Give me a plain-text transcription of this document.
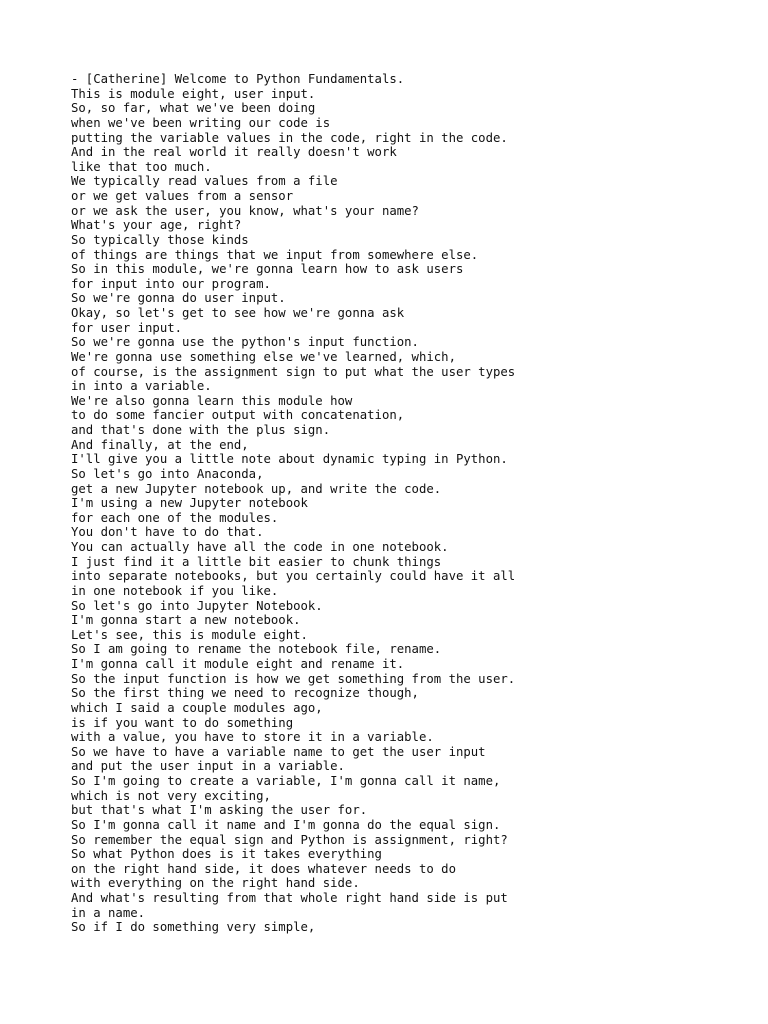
- [Catherine] Welcome to Python Fundamentals.
This is module eight, user input.
So, so far, what we've been doing
when we've been writing our code is
putting the variable values in the code, right in the code.
And in the real world it really doesn't work
like that too much.
We typically read values from a file
or we get values from a sensor
or we ask the user, you know, what's your name?
What's your age, right?
So typically those kinds
of things are things that we input from somewhere else.
So in this module, we're gonna learn how to ask users
for input into our program.
So we're gonna do user input.
Okay, so let's get to see how we're gonna ask
for user input.
So we're gonna use the python's input function.
We're gonna use something else we've learned, which,
of course, is the assignment sign to put what the user types
in into a variable.
We're also gonna learn this module how
to do some fancier output with concatenation,
and that's done with the plus sign.
And finally, at the end,
I'll give you a little note about dynamic typing in Python.
So let's go into Anaconda,
get a new Jupyter notebook up, and write the code.
I'm using a new Jupyter notebook
for each one of the modules.
You don't have to do that.
You can actually have all the code in one notebook.
I just find it a little bit easier to chunk things
into separate notebooks, but you certainly could have it all
in one notebook if you like.
So let's go into Jupyter Notebook.
I'm gonna start a new notebook.
Let's see, this is module eight.
So I am going to rename the notebook file, rename.
I'm gonna call it module eight and rename it.
So the input function is how we get something from the user.
So the first thing we need to recognize though,
which I said a couple modules ago,
is if you want to do something
with a value, you have to store it in a variable.
So we have to have a variable name to get the user input
and put the user input in a variable.
So I'm going to create a variable, I'm gonna call it name,
which is not very exciting,
but that's what I'm asking the user for.
So I'm gonna call it name and I'm gonna do the equal sign.
So remember the equal sign and Python is assignment, right?
So what Python does is it takes everything
on the right hand side, it does whatever needs to do
with everything on the right hand side.
And what's resulting from that whole right hand side is put
in a name.
So if I do something very simple,
